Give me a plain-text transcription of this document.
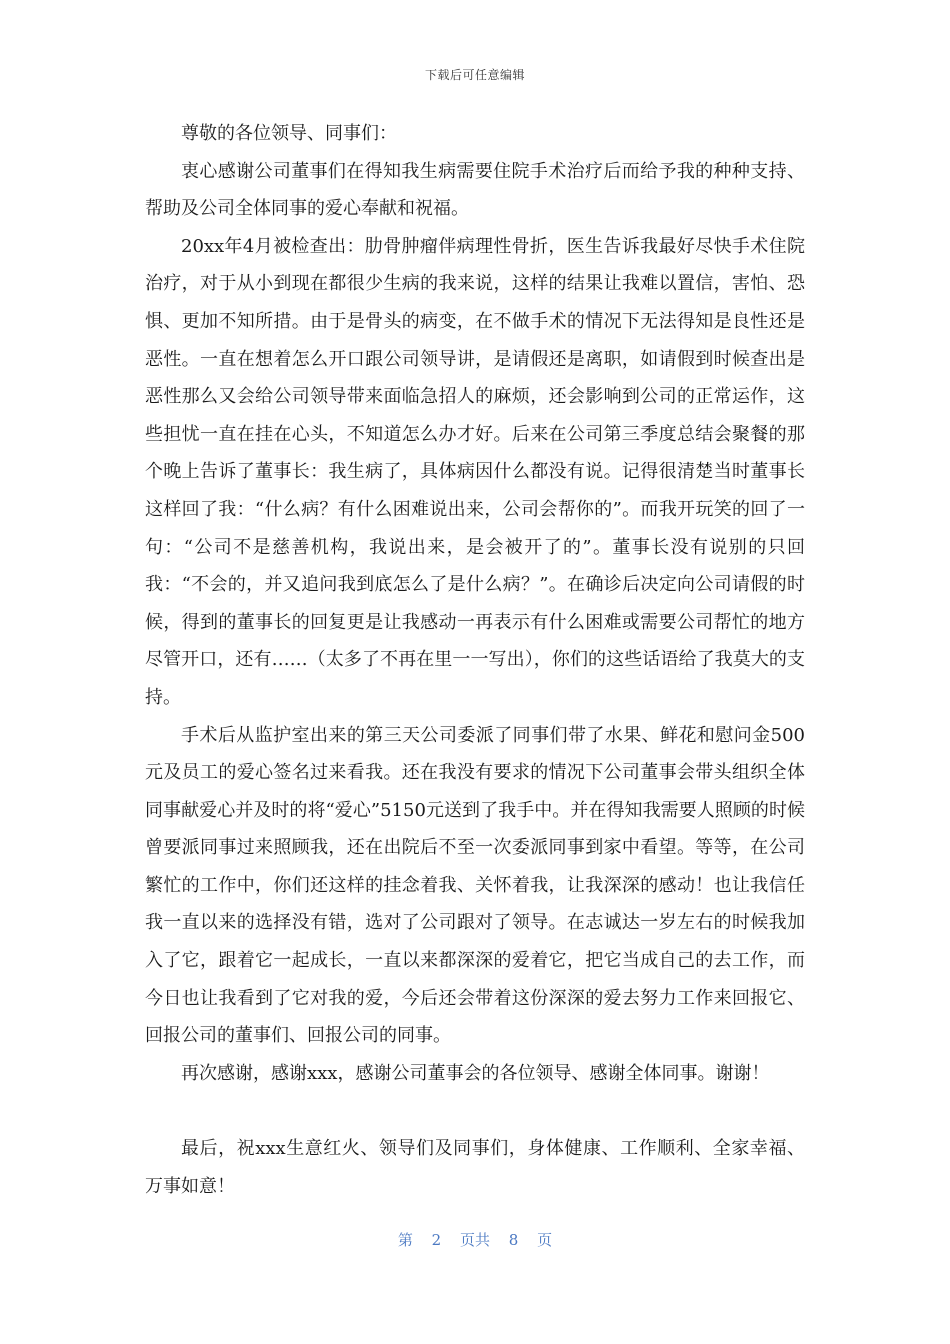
下载后可任意编辑

尊敬的各位领导、同事们：

衷心感谢公司董事们在得知我生病需要住院手术治疗后而给予我的种种支持、帮助及公司全体同事的爱心奉献和祝福。

20xx年4月被检查出：肋骨肿瘤伴病理性骨折，医生告诉我最好尽快手术住院治疗，对于从小到现在都很少生病的我来说，这样的结果让我难以置信，害怕、恐惧、更加不知所措。由于是骨头的病变，在不做手术的情况下无法得知是良性还是恶性。一直在想着怎么开口跟公司领导讲，是请假还是离职，如请假到时候查出是恶性那么又会给公司领导带来面临急招人的麻烦，还会影响到公司的正常运作，这些担忧一直在挂在心头，不知道怎么办才好。后来在公司第三季度总结会聚餐的那个晚上告诉了董事长：我生病了，具体病因什么都没有说。记得很清楚当时董事长这样回了我：“什么病？有什么困难说出来，公司会帮你的”。而我开玩笑的回了一句：“公司不是慈善机构，我说出来，是会被开了的”。董事长没有说别的只回我：“不会的，并又追问我到底怎么了是什么病？”。在确诊后决定向公司请假的时候，得到的董事长的回复更是让我感动一再表示有什么困难或需要公司帮忙的地方尽管开口，还有……（太多了不再在里一一写出），你们的这些话语给了我莫大的支持。

手术后从监护室出来的第三天公司委派了同事们带了水果、鲜花和慰问金500元及员工的爱心签名过来看我。还在我没有要求的情况下公司董事会带头组织全体同事献爱心并及时的将“爱心”5150元送到了我手中。并在得知我需要人照顾的时候曾要派同事过来照顾我，还在出院后不至一次委派同事到家中看望。等等，在公司繁忙的工作中，你们还这样的挂念着我、关怀着我，让我深深的感动！也让我信任我一直以来的选择没有错，选对了公司跟对了领导。在志诚达一岁左右的时候我加入了它，跟着它一起成长，一直以来都深深的爱着它，把它当成自己的去工作，而今日也让我看到了它对我的爱，今后还会带着这份深深的爱去努力工作来回报它、回报公司的董事们、回报公司的同事。

再次感谢，感谢xxx，感谢公司董事会的各位领导、感谢全体同事。谢谢！

最后，祝xxx生意红火、领导们及同事们，身体健康、工作顺利、全家幸福、万事如意！

第 2 页共 8 页
